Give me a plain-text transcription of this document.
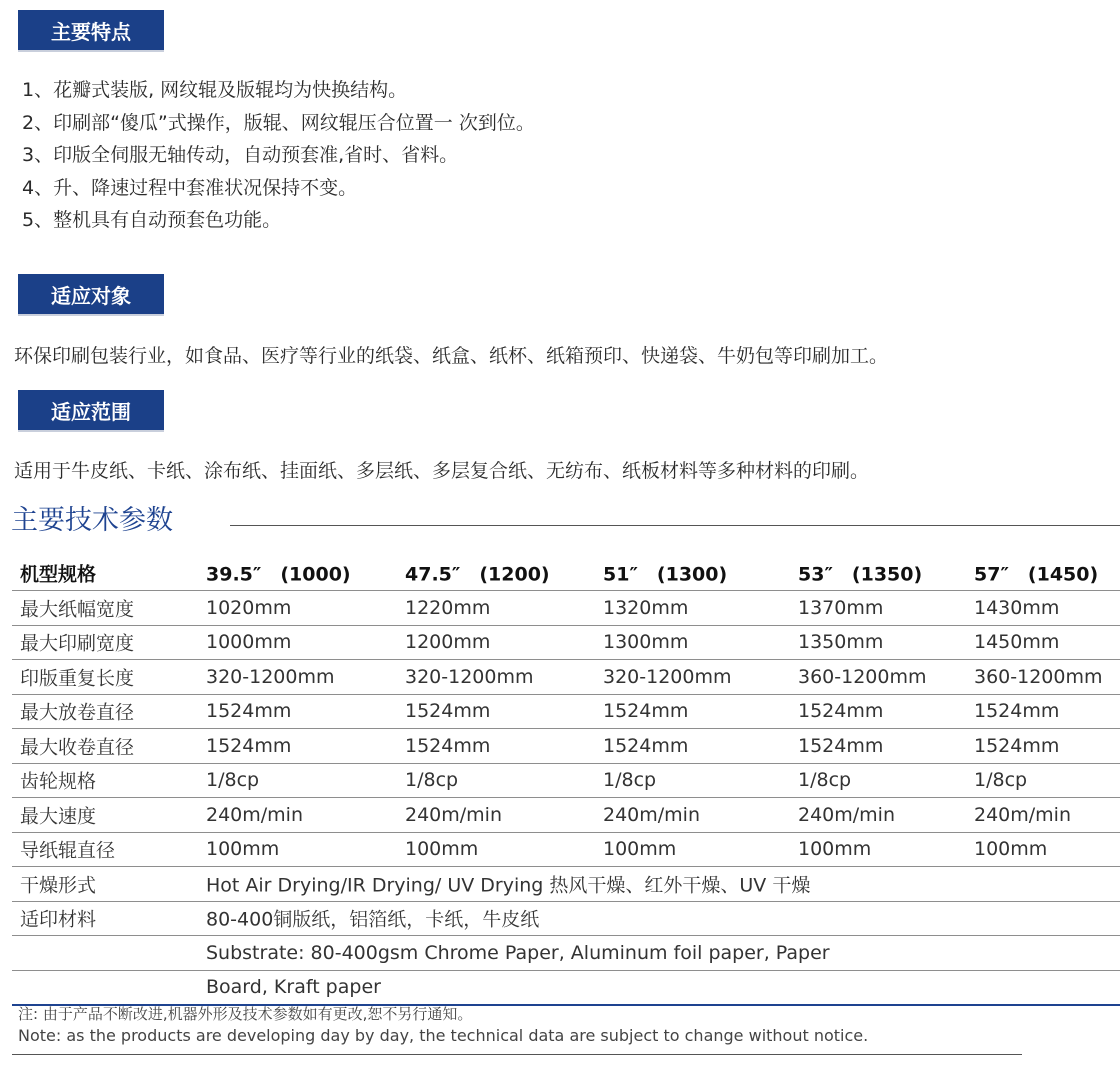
主要特点
1、花瓣式装版, 网纹辊及版辊均为快换结构。
2、印刷部“傻瓜”式操作，版辊、网纹辊压合位置一 次到位。
3、印版全伺服无轴传动，自动预套准,省时、省料。
4、升、降速过程中套准状况保持不变。
5、整机具有自动预套色功能。
适应对象
环保印刷包装行业，如食品、医疗等行业的纸袋、纸盒、纸杯、纸箱预印、快递袋、牛奶包等印刷加工。
适应范围
适用于牛皮纸、卡纸、涂布纸、挂面纸、多层纸、多层复合纸、无纺布、纸板材料等多种材料的印刷。
主要技术参数
机型规格	39.5″　(1000)	47.5″　(1200)	51″　(1300)	53″　(1350)	57″　(1450)
最大纸幅宽度	1020mm	1220mm	1320mm	1370mm	1430mm
最大印刷宽度	1000mm	1200mm	1300mm	1350mm	1450mm
印版重复长度	320-1200mm	320-1200mm	320-1200mm	360-1200mm	360-1200mm
最大放卷直径	1524mm	1524mm	1524mm	1524mm	1524mm
最大收卷直径	1524mm	1524mm	1524mm	1524mm	1524mm
齿轮规格	1/8cp	1/8cp	1/8cp	1/8cp	1/8cp
最大速度	240m/min	240m/min	240m/min	240m/min	240m/min
导纸辊直径	100mm	100mm	100mm	100mm	100mm
干燥形式	Hot Air Drying/IR Drying/ UV Drying 热风干燥、红外干燥、UV 干燥
适印材料	80-400铜版纸，铝箔纸，卡纸，牛皮纸
Substrate: 80-400gsm Chrome Paper, Aluminum foil paper, Paper
Board, Kraft paper
注: 由于产品不断改进,机器外形及技术参数如有更改,恕不另行通知。
Note: as the products are developing day by day, the technical data are subject to change without notice.
